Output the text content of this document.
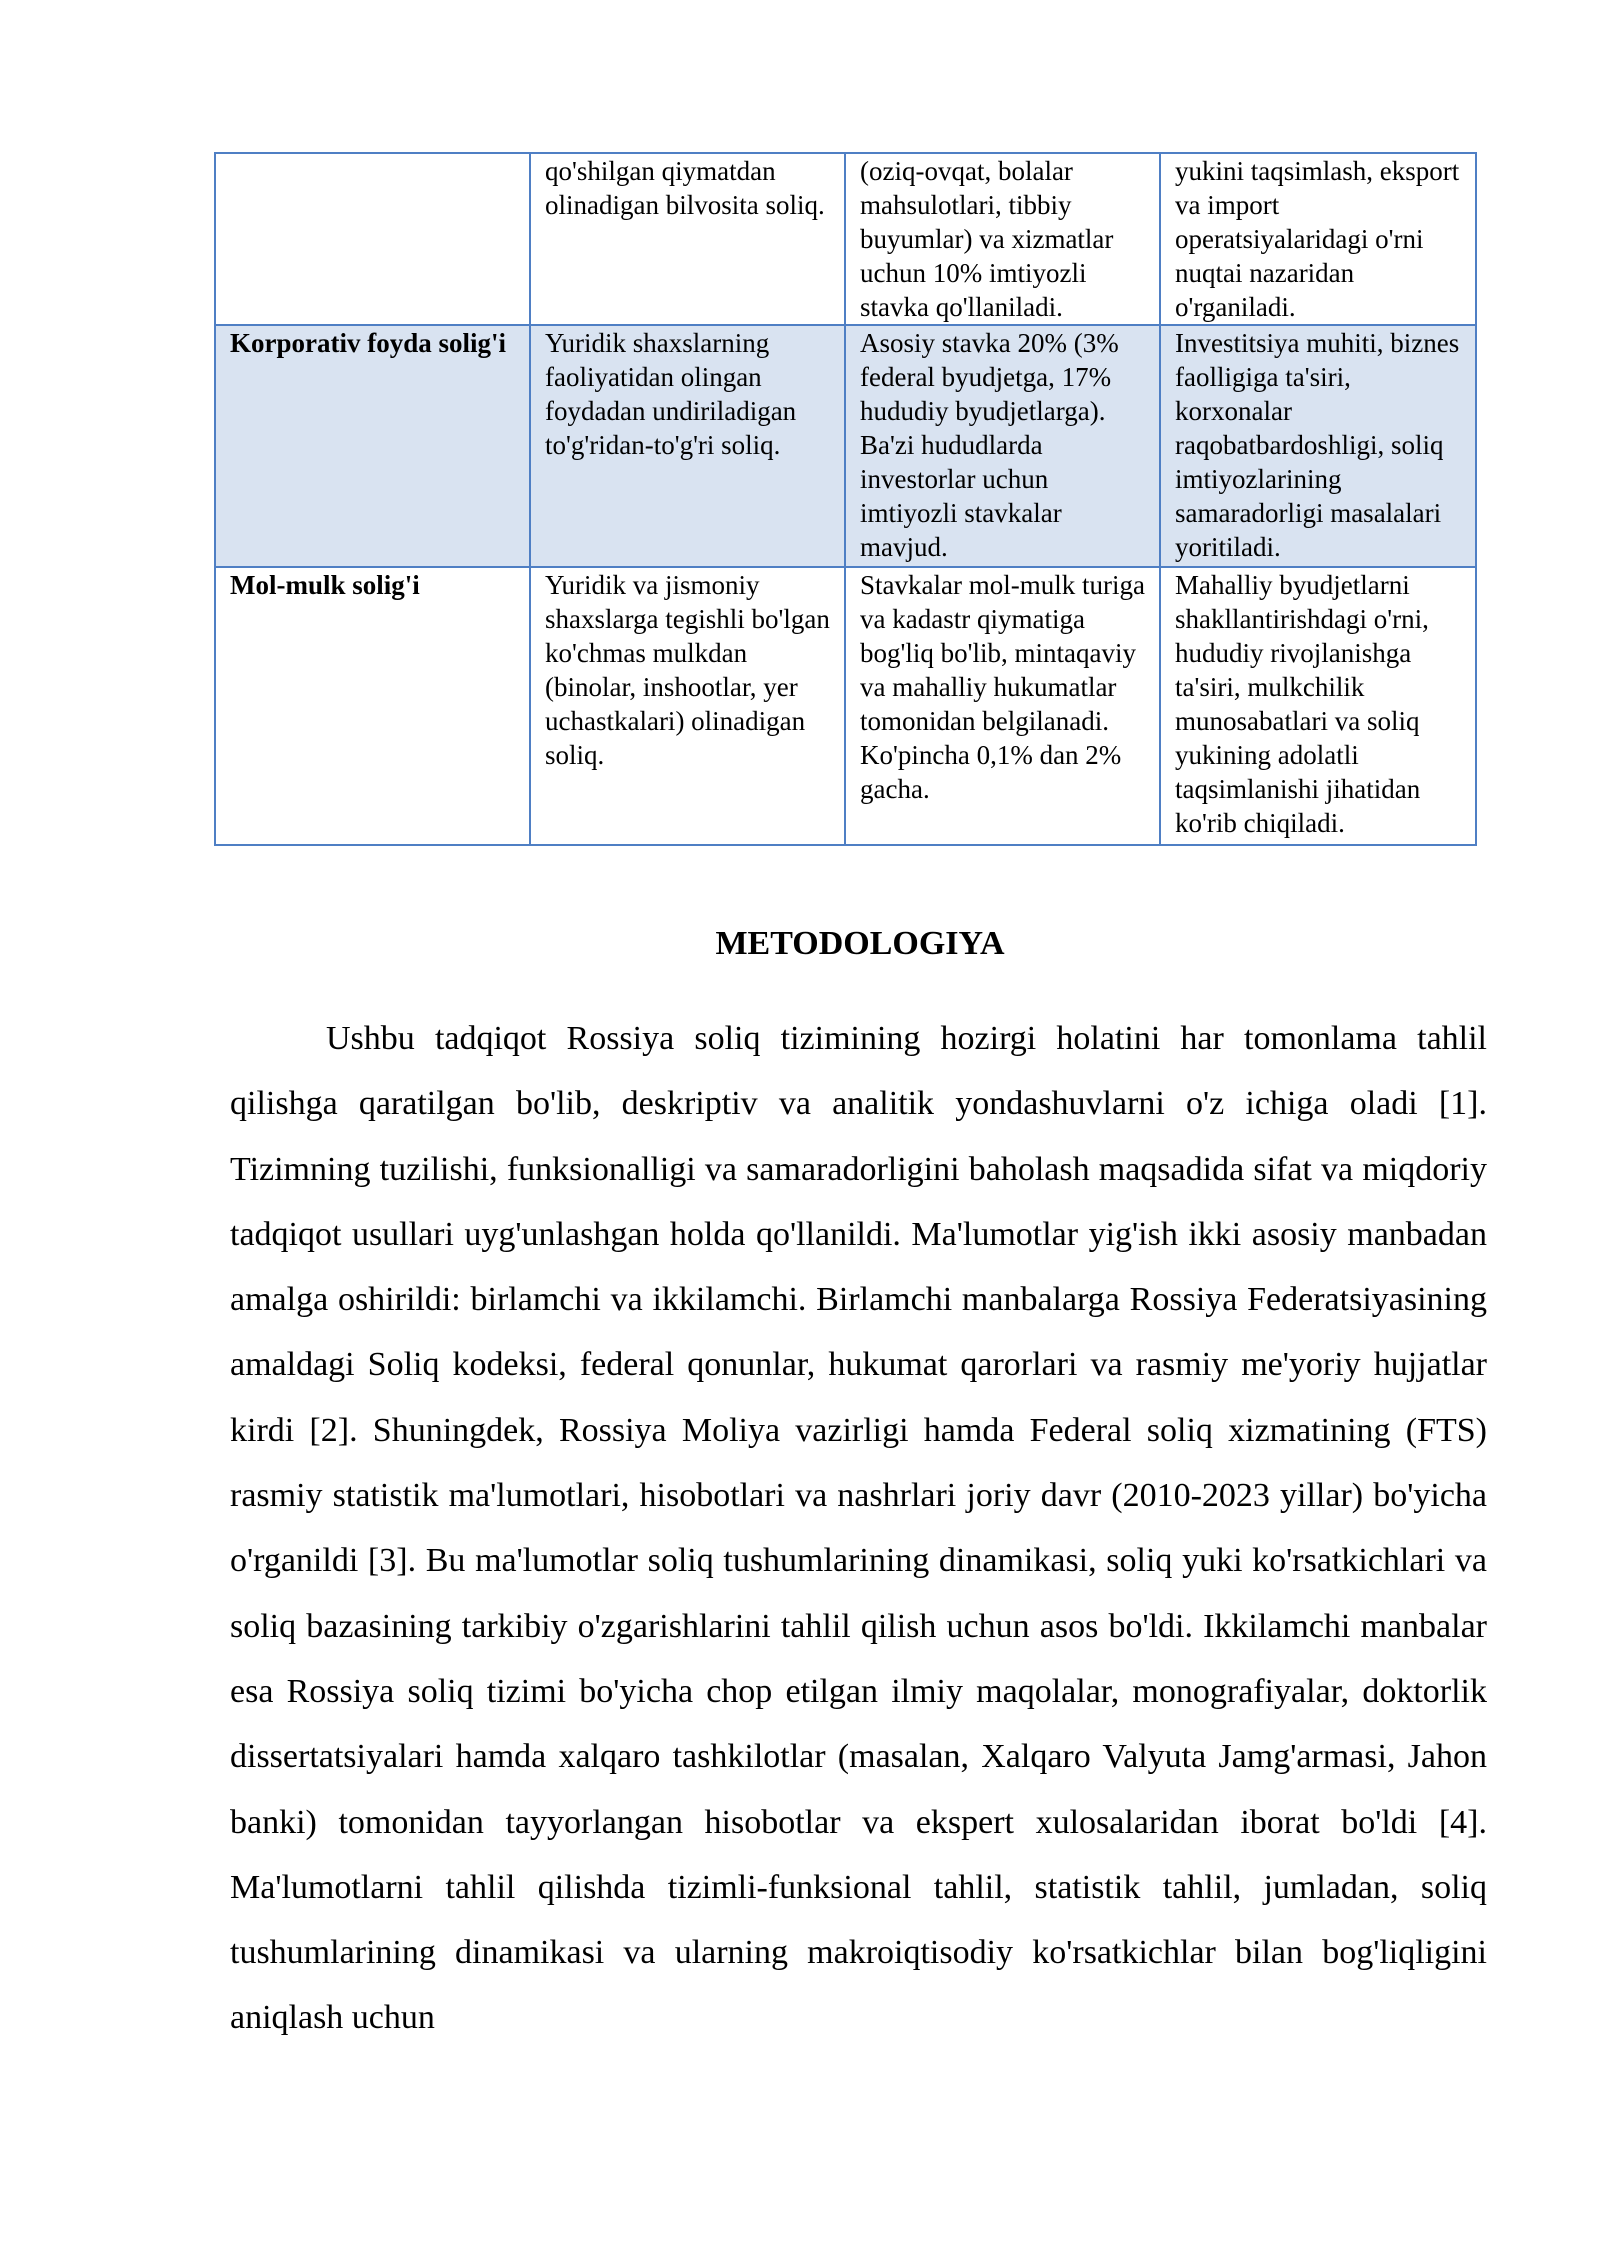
	qo'shilgan qiymatdan olinadigan bilvosita soliq.	(oziq-ovqat, bolalar mahsulotlari, tibbiy buyumlar) va xizmatlar uchun 10% imtiyozli stavka qo'llaniladi.	yukini taqsimlash, eksport va import operatsiyalaridagi o'rni nuqtai nazaridan o'rganiladi.
Korporativ foyda solig'i	Yuridik shaxslarning faoliyatidan olingan foydadan undiriladigan to'g'ridan-to'g'ri soliq.	Asosiy stavka 20% (3% federal byudjetga, 17% hududiy byudjetlarga). Ba'zi hududlarda investorlar uchun imtiyozli stavkalar mavjud.	Investitsiya muhiti, biznes faolligiga ta'siri, korxonalar raqobatbardoshligi, soliq imtiyozlarining samaradorligi masalalari yoritiladi.
Mol-mulk solig'i	Yuridik va jismoniy shaxslarga tegishli bo'lgan ko'chmas mulkdan (binolar, inshootlar, yer uchastkalari) olinadigan soliq.	Stavkalar mol-mulk turiga va kadastr qiymatiga bog'liq bo'lib, mintaqaviy va mahalliy hukumatlar tomonidan belgilanadi. Ko'pincha 0,1% dan 2% gacha.	Mahalliy byudjetlarni shakllantirishdagi o'rni, hududiy rivojlanishga ta'siri, mulkchilik munosabatlari va soliq yukining adolatli taqsimlanishi jihatidan ko'rib chiqiladi.
METODOLOGIYA

Ushbu tadqiqot Rossiya soliq tizimining hozirgi holatini har tomonlama tahlil qilishga qaratilgan bo'lib, deskriptiv va analitik yondashuvlarni o'z ichiga oladi [1]. Tizimning tuzilishi, funksionalligi va samaradorligini baholash maqsadida sifat va miqdoriy tadqiqot usullari uyg'unlashgan holda qo'llanildi. Ma'lumotlar yig'ish ikki asosiy manbadan amalga oshirildi: birlamchi va ikkilamchi. Birlamchi manbalarga Rossiya Federatsiyasining amaldagi Soliq kodeksi, federal qonunlar, hukumat qarorlari va rasmiy me'yoriy hujjatlar kirdi [2]. Shuningdek, Rossiya Moliya vazirligi hamda Federal soliq xizmatining (FTS) rasmiy statistik ma'lumotlari, hisobotlari va nashrlari joriy davr (2010-2023 yillar) bo'yicha o'rganildi [3]. Bu ma'lumotlar soliq tushumlarining dinamikasi, soliq yuki ko'rsatkichlari va soliq bazasining tarkibiy o'zgarishlarini tahlil qilish uchun asos bo'ldi. Ikkilamchi manbalar esa Rossiya soliq tizimi bo'yicha chop etilgan ilmiy maqolalar, monografiyalar, doktorlik dissertatsiyalari hamda xalqaro tashkilotlar (masalan, Xalqaro Valyuta Jamg'armasi, Jahon banki) tomonidan tayyorlangan hisobotlar va ekspert xulosalaridan iborat bo'ldi [4]. Ma'lumotlarni tahlil qilishda tizimli-funksional tahlil, statistik tahlil, jumladan, soliq tushumlarining dinamikasi va ularning makroiqtisodiy ko'rsatkichlar bilan bog'liqligini aniqlash uchun
